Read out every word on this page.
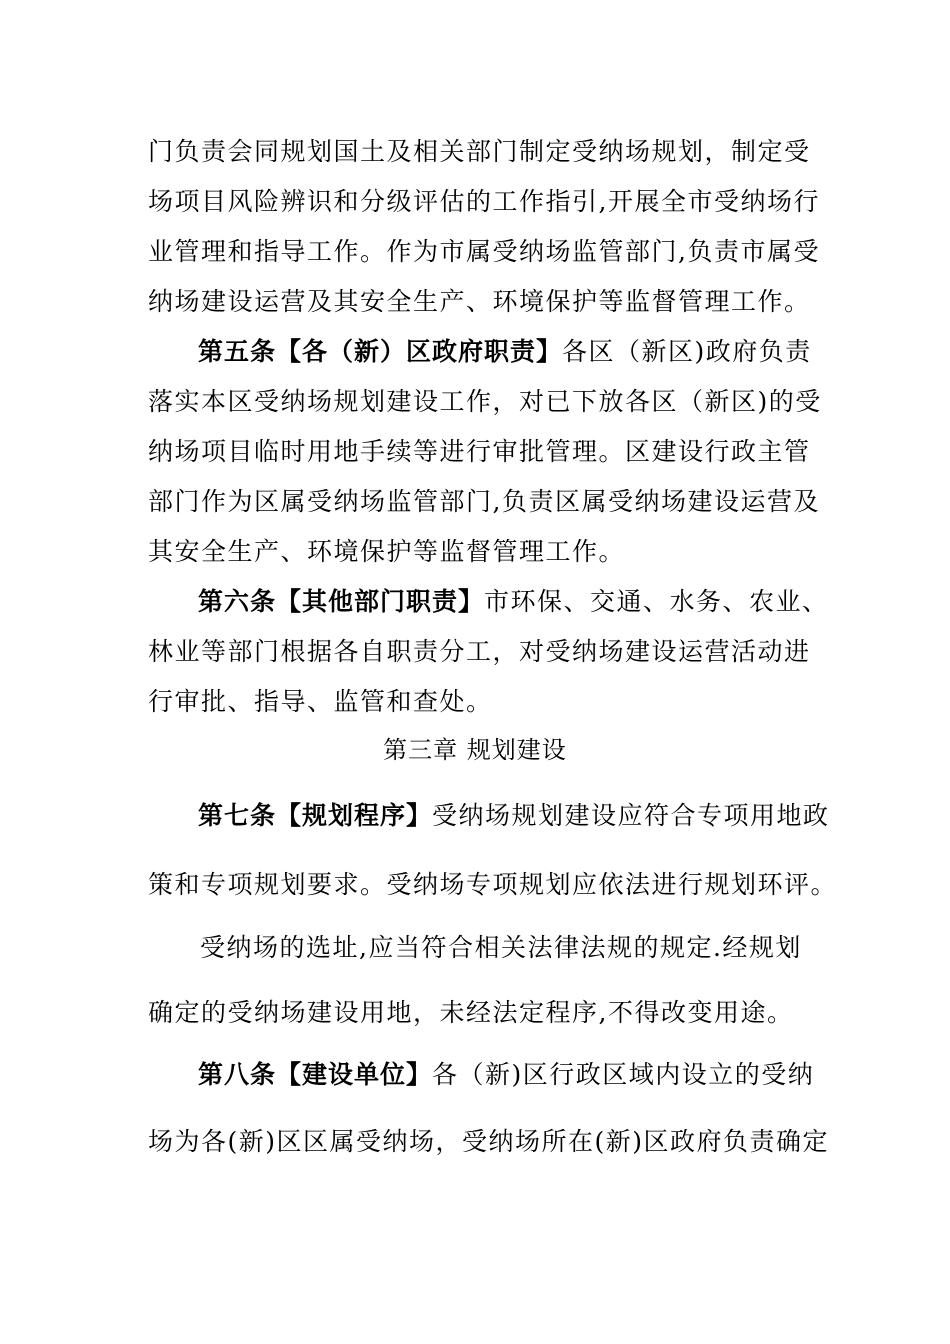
门负责会同规划国土及相关部门制定受纳场规划，制定受
场项目风险辨识和分级评估的工作指引,开展全市受纳场行
业管理和指导工作。作为市属受纳场监管部门,负责市属受
纳场建设运营及其安全生产、环境保护等监督管理工作。
第五条【各（新）区政府职责】各区（新区)政府负责
落实本区受纳场规划建设工作，对已下放各区（新区)的受
纳场项目临时用地手续等进行审批管理。区建设行政主管
部门作为区属受纳场监管部门,负责区属受纳场建设运营及
其安全生产、环境保护等监督管理工作。
第六条【其他部门职责】市环保、交通、水务、农业、
林业等部门根据各自职责分工，对受纳场建设运营活动进
行审批、指导、监管和查处。
第三章 规划建设
第七条【规划程序】受纳场规划建设应符合专项用地政
策和专项规划要求。受纳场专项规划应依法进行规划环评。
受纳场的选址,应当符合相关法律法规的规定.经规划
确定的受纳场建设用地，未经法定程序,不得改变用途。
第八条【建设单位】各（新)区行政区域内设立的受纳
场为各(新)区区属受纳场，受纳场所在(新)区政府负责确定
